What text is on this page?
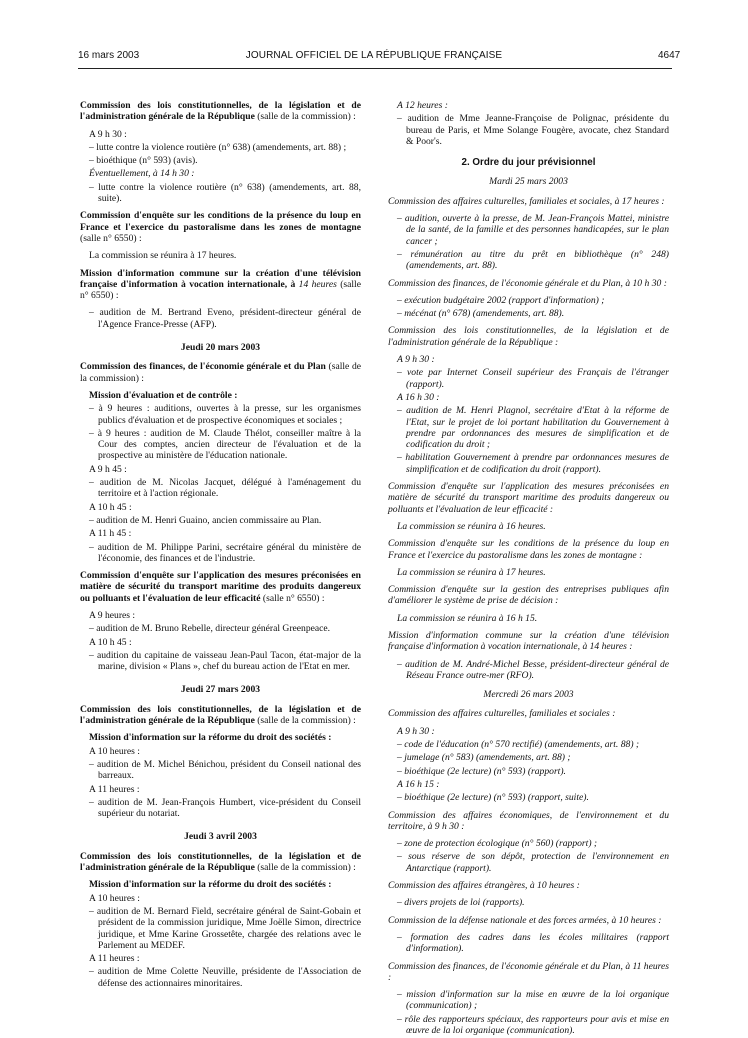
16 mars 2003	JOURNAL OFFICIEL DE LA RÉPUBLIQUE FRANÇAISE	4647

Commission des lois constitutionnelles, de la législation et de l'administration générale de la République (salle de la commission) :

A 9 h 30 :

– lutte contre la violence routière (n° 638) (amendements, art. 88) ;

– bioéthique (n° 593) (avis).

Éventuellement, à 14 h 30 :

– lutte contre la violence routière (n° 638) (amendements, art. 88, suite).

Commission d'enquête sur les conditions de la présence du loup en France et l'exercice du pastoralisme dans les zones de montagne (salle n° 6550) :

La commission se réunira à 17 heures.

Mission d'information commune sur la création d'une télévision française d'information à vocation internationale, à 14 heures (salle n° 6550) :

– audition de M. Bertrand Eveno, président-directeur général de l'Agence France-Presse (AFP).

Jeudi 20 mars 2003

Commission des finances, de l'économie générale et du Plan (salle de la commission) :

Mission d'évaluation et de contrôle :

– à 9 heures : auditions, ouvertes à la presse, sur les organismes publics d'évaluation et de prospective économiques et sociales ;

– à 9 heures : audition de M. Claude Thélot, conseiller maître à la Cour des comptes, ancien directeur de l'évaluation et de la prospective au ministère de l'éducation nationale.

A 9 h 45 :

– audition de M. Nicolas Jacquet, délégué à l'aménagement du territoire et à l'action régionale.

A 10 h 45 :

– audition de M. Henri Guaino, ancien commissaire au Plan.

A 11 h 45 :

– audition de M. Philippe Parini, secrétaire général du ministère de l'économie, des finances et de l'industrie.

Commission d'enquête sur l'application des mesures préconisées en matière de sécurité du transport maritime des produits dangereux ou polluants et l'évaluation de leur efficacité (salle n° 6550) :

A 9 heures :

– audition de M. Bruno Rebelle, directeur général Greenpeace.

A 10 h 45 :

– audition du capitaine de vaisseau Jean-Paul Tacon, état-major de la marine, division « Plans », chef du bureau action de l'Etat en mer.

Jeudi 27 mars 2003

Commission des lois constitutionnelles, de la législation et de l'administration générale de la République (salle de la commission) :

Mission d'information sur la réforme du droit des sociétés :

A 10 heures :

– audition de M. Michel Bénichou, président du Conseil national des barreaux.

A 11 heures :

– audition de M. Jean-François Humbert, vice-président du Conseil supérieur du notariat.

Jeudi 3 avril 2003

Commission des lois constitutionnelles, de la législation et de l'administration générale de la République (salle de la commission) :

Mission d'information sur la réforme du droit des sociétés :

A 10 heures :

– audition de M. Bernard Field, secrétaire général de Saint-Gobain et président de la commission juridique, Mme Joëlle Simon, directrice juridique, et Mme Karine Grossetête, chargée des relations avec le Parlement au MEDEF.

A 11 heures :

– audition de Mme Colette Neuville, présidente de l'Association de défense des actionnaires minoritaires.

A 12 heures :

– audition de Mme Jeanne-Françoise de Polignac, présidente du bureau de Paris, et Mme Solange Fougère, avocate, chez Standard & Poor's.

2. Ordre du jour prévisionnel

Mardi 25 mars 2003

Commission des affaires culturelles, familiales et sociales, à 17 heures :

– audition, ouverte à la presse, de M. Jean-François Mattei, ministre de la santé, de la famille et des personnes handicapées, sur le plan cancer ;

– rémunération au titre du prêt en bibliothèque (n° 248) (amendements, art. 88).

Commission des finances, de l'économie générale et du Plan, à 10 h 30 :

– exécution budgétaire 2002 (rapport d'information) ;

– mécénat (n° 678) (amendements, art. 88).

Commission des lois constitutionnelles, de la législation et de l'administration générale de la République :

A 9 h 30 :

– vote par Internet Conseil supérieur des Français de l'étranger (rapport).

A 16 h 30 :

– audition de M. Henri Plagnol, secrétaire d'Etat à la réforme de l'Etat, sur le projet de loi portant habilitation du Gouvernement à prendre par ordonnances des mesures de simplification et de codification du droit ;

– habilitation Gouvernement à prendre par ordonnances mesures de simplification et de codification du droit (rapport).

Commission d'enquête sur l'application des mesures préconisées en matière de sécurité du transport maritime des produits dangereux ou polluants et l'évaluation de leur efficacité :

La commission se réunira à 16 heures.

Commission d'enquête sur les conditions de la présence du loup en France et l'exercice du pastoralisme dans les zones de montagne :

La commission se réunira à 17 heures.

Commission d'enquête sur la gestion des entreprises publiques afin d'améliorer le système de prise de décision :

La commission se réunira à 16 h 15.

Mission d'information commune sur la création d'une télévision française d'information à vocation internationale, à 14 heures :

– audition de M. André-Michel Besse, président-directeur général de Réseau France outre-mer (RFO).

Mercredi 26 mars 2003

Commission des affaires culturelles, familiales et sociales :

A 9 h 30 :

– code de l'éducation (n° 570 rectifié) (amendements, art. 88) ;

– jumelage (n° 583) (amendements, art. 88) ;

– bioéthique (2e lecture) (n° 593) (rapport).

A 16 h 15 :

– bioéthique (2e lecture) (n° 593) (rapport, suite).

Commission des affaires économiques, de l'environnement et du territoire, à 9 h 30 :

– zone de protection écologique (n° 560) (rapport) ;

– sous réserve de son dépôt, protection de l'environnement en Antarctique (rapport).

Commission des affaires étrangères, à 10 heures :

– divers projets de loi (rapports).

Commission de la défense nationale et des forces armées, à 10 heures :

– formation des cadres dans les écoles militaires (rapport d'information).

Commission des finances, de l'économie générale et du Plan, à 11 heures :

– mission d'information sur la mise en œuvre de la loi organique (communication) ;

– rôle des rapporteurs spéciaux, des rapporteurs pour avis et mise en œuvre de la loi organique (communication).
